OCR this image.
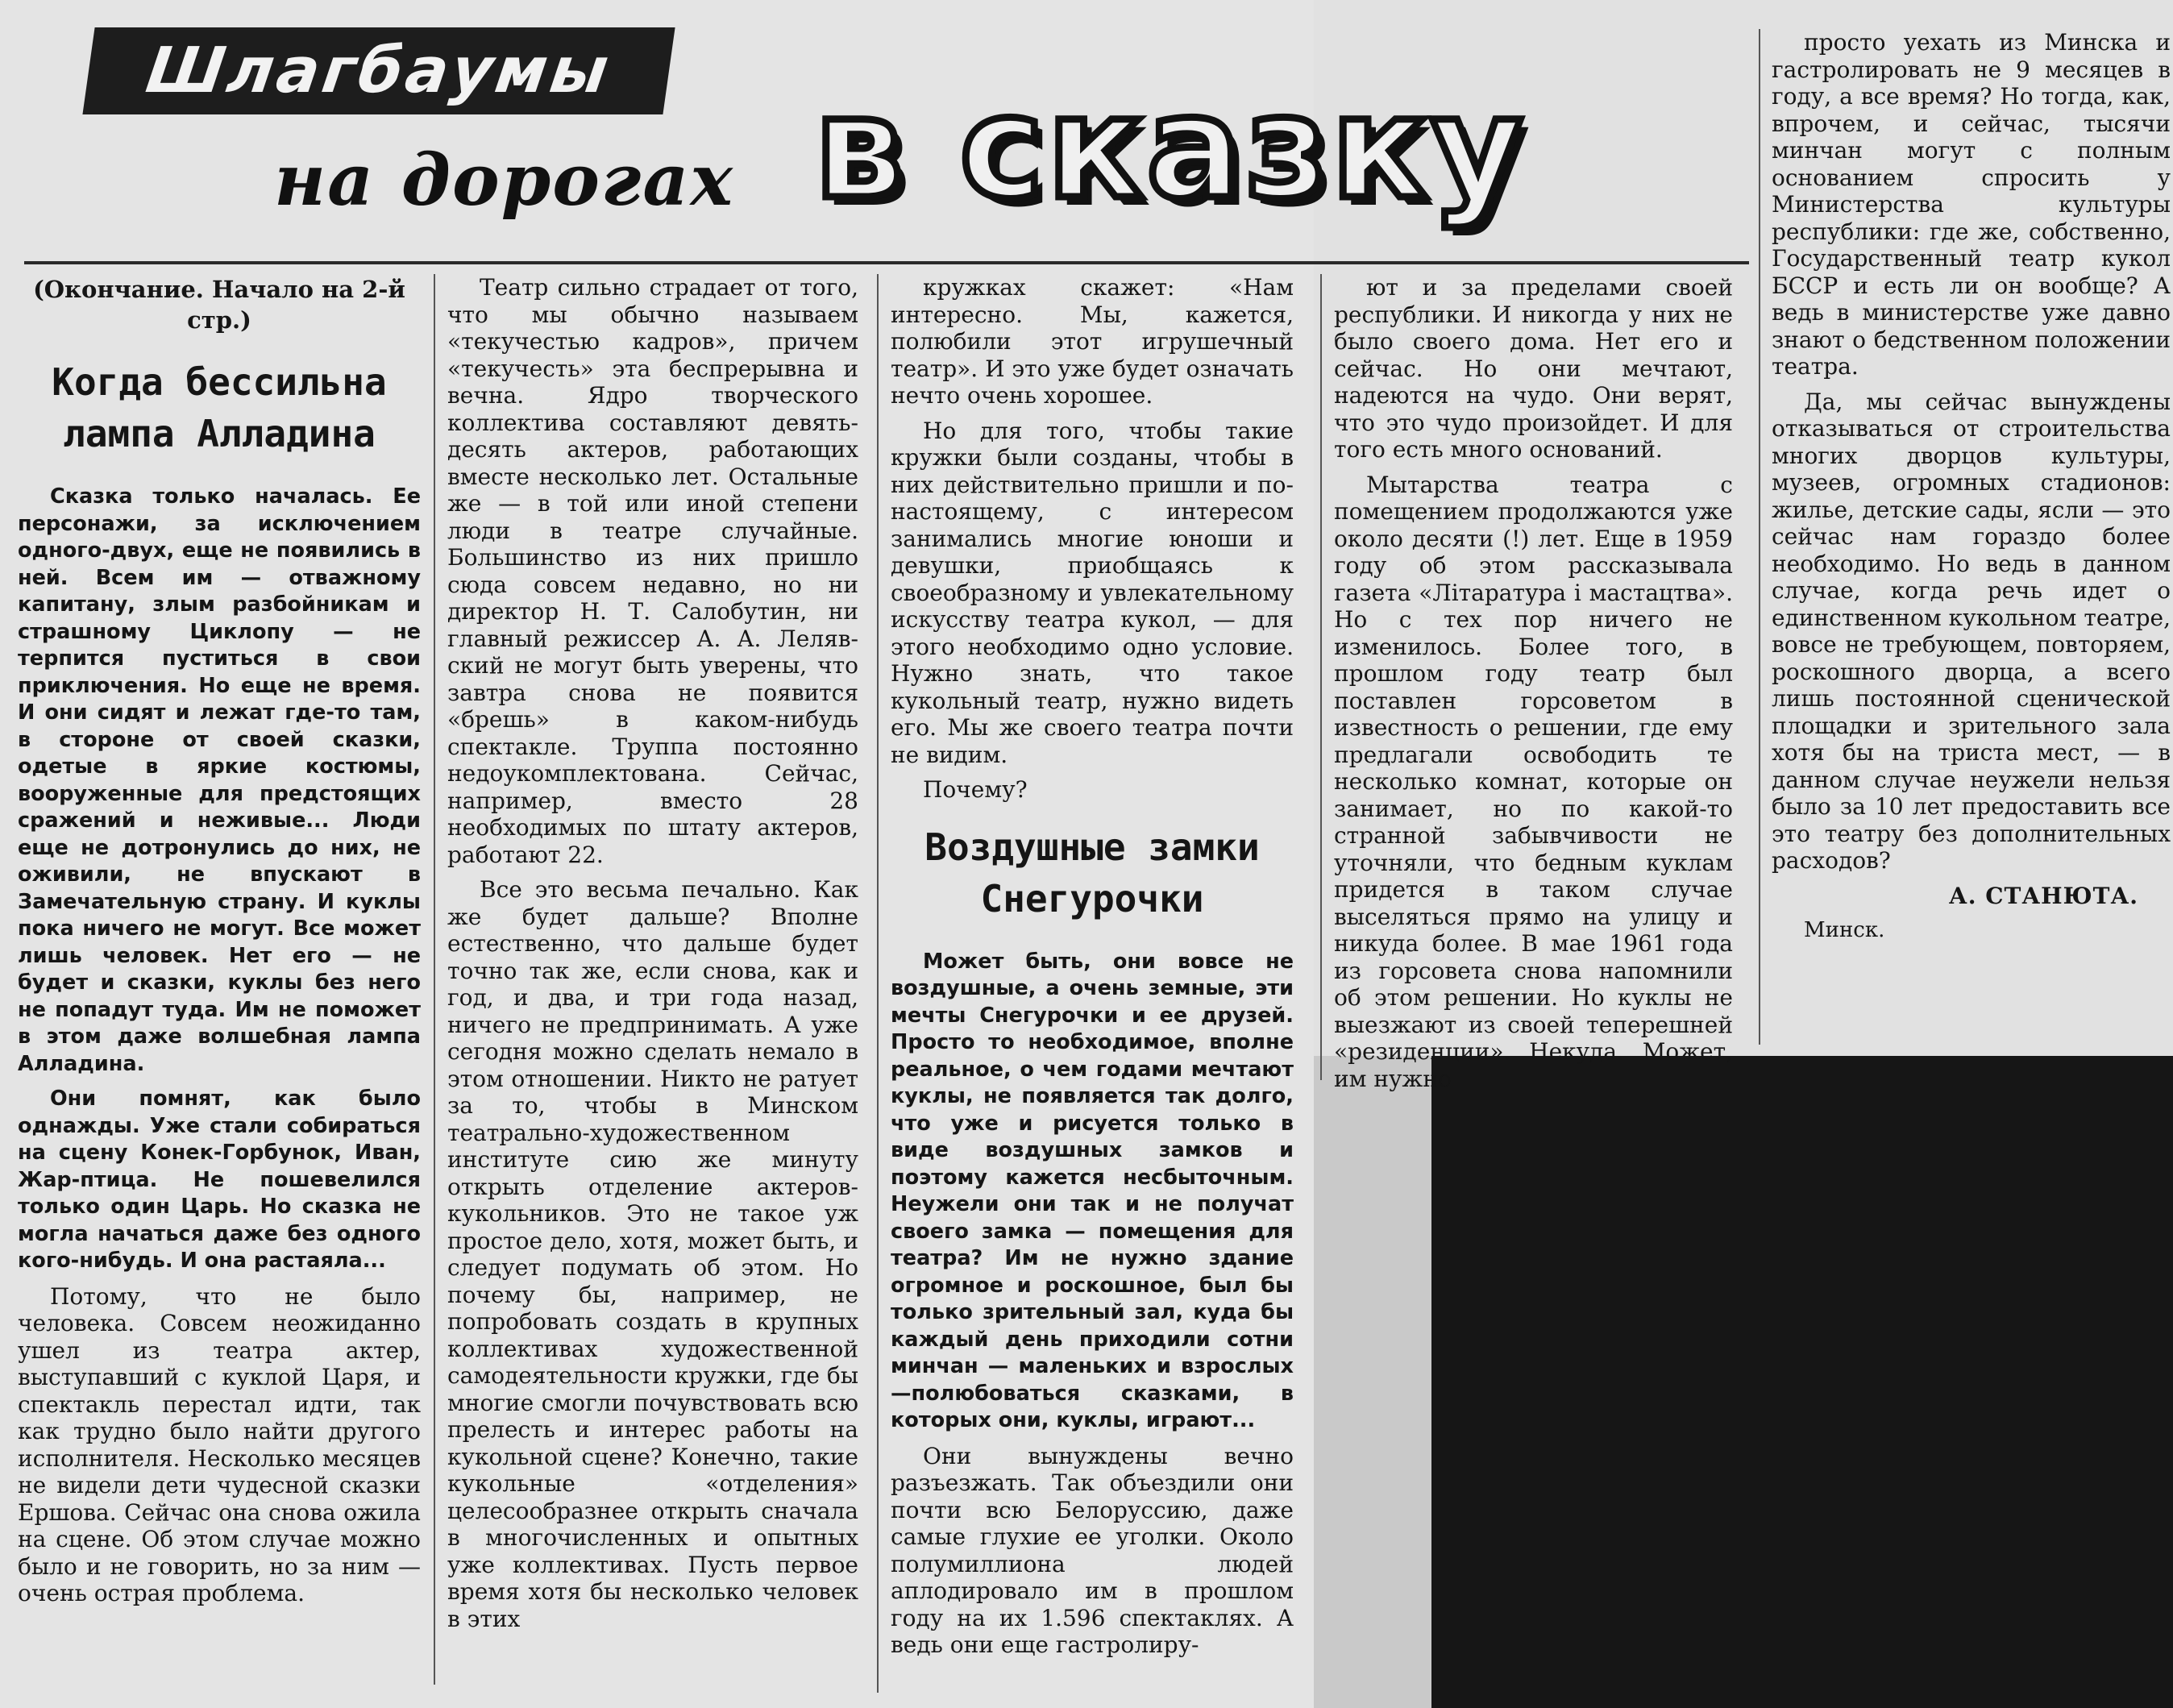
Шлагбаумы
на дорогах в сказку
(Окончание. Начало на 2-й стр.)
Когда бессильна лампа Алладина

Сказка только началась. Ее персонажи, за исключением одного-двух, еще не появились в ней. Всем им — отважному капитану, злым разбойникам и страшному Циклопу — не терпится пуститься в свои приключения. Но еще не время. И они сидят и лежат где-то там, в стороне от своей сказки, одетые в яркие костюмы, вооруженные для предстоящих сражений и неживые... Люди еще не дотронулись до них, не оживили, не впускают в Замечательную страну. И куклы пока ничего не могут. Все может лишь человек. Нет его — не будет и сказки, куклы без него не попадут туда. Им не поможет в этом даже волшебная лампа Алладина.

Они помнят, как было однажды. Уже стали собираться на сцену Конек-Горбунок, Иван, Жар-птица. Не пошевелился только один Царь. Но сказка не могла начаться даже без одного кого-нибудь. И она растаяла...

Потому, что не было человека. Совсем неожиданно ушел из театра актер, выступавший с куклой Царя, и спектакль перестал идти, так как трудно было найти другого исполнителя. Несколько месяцев не видели дети чудесной сказки Ершова. Сейчас она снова ожила на сцене. Об этом случае можно было и не говорить, но за ним — очень острая проблема.

Театр сильно страдает от того, что мы обычно называем «текучестью кадров», причем «текучесть» эта беспрерывна и вечна. Ядро творческого коллектива составляют девять-десять актеров, работающих вместе несколько лет. Остальные же — в той или иной степени люди в театре случайные. Большинство из них пришло сюда совсем недавно, но ни директор Н. Т. Салобутин, ни главный режиссер А. А. Леляв-ский не могут быть уверены, что завтра снова не появится «брешь» в каком-нибудь спектакле. Труппа постоянно недоукомплектована. Сейчас, например, вместо 28 необходимых по штату актеров, работают 22.

Все это весьма печально. Как же будет дальше? Вполне естественно, что дальше будет точно так же, если снова, как и год, и два, и три года назад, ничего не предпринимать. А уже сегодня можно сделать немало в этом отношении. Никто не ратует за то, чтобы в Минском театрально-художественном институте сию же минуту открыть отделение актеров-кукольников. Это не такое уж простое дело, хотя, может быть, и следует подумать об этом. Но почему бы, например, не попробовать создать в крупных коллективах художественной самодеятельности кружки, где бы многие смогли почувствовать всю прелесть и интерес работы на кукольной сцене? Конечно, такие кукольные «отделения» целесообразнее открыть сначала в многочисленных и опытных уже коллективах. Пусть первое время хотя бы несколько человек в этих

кружках скажет: «Нам интересно. Мы, кажется, полюбили этот игрушечный театр». И это уже будет означать нечто очень хорошее.

Но для того, чтобы такие кружки были созданы, чтобы в них действительно пришли и по-настоящему, с интересом занимались многие юноши и девушки, приобщаясь к своеобразному и увлекательному искусству театра кукол, — для этого необходимо одно условие. Нужно знать, что такое кукольный театр, нужно видеть его. Мы же своего театра почти не видим.

Почему?

Воздушные замки Снегурочки

Может быть, они вовсе не воздушные, а очень земные, эти мечты Снегурочки и ее друзей. Просто то необходимое, вполне реальное, о чем годами мечтают куклы, не появляется так долго, что уже и рисуется только в виде воздушных замков и поэтому кажется несбыточным. Неужели они так и не получат своего замка — помещения для театра? Им не нужно здание огромное и роскошное, был бы только зрительный зал, куда бы каждый день приходили сотни минчан — маленьких и взрослых —полюбоваться сказками, в которых они, куклы, играют...

Они вынуждены вечно разъезжать. Так объездили они почти всю Белоруссию, даже самые глухие ее уголки. Около полумиллиона людей аплодировало им в прошлом году на их 1.596 спектаклях. А ведь они еще гастролиру-

ют и за пределами своей республики. И никогда у них не было своего дома. Нет его и сейчас. Но они мечтают, надеются на чудо. Они верят, что это чудо произойдет. И для того есть много оснований.

Мытарства театра с помещением продолжаются уже около десяти (!) лет. Еще в 1959 году об этом рассказывала газета «Літаратура і мастацтва». Но с тех пор ничего не изменилось. Более того, в прошлом году театр был поставлен горсоветом в известность о решении, где ему предлагали освободить те несколько комнат, которые он занимает, но по какой-то странной забывчивости не уточняли, что бедным куклам придется в таком случае выселяться прямо на улицу и никуда более. В мае 1961 года из горсовета снова напомнили об этом решении. Но куклы не выезжают из своей теперешней «резиденции». Некуда. Может, им нужно

просто уехать из Минска и гастролировать не 9 месяцев в году, а все время? Но тогда, как, впрочем, и сейчас, тысячи минчан могут с полным основанием спросить у Министерства культуры республики: где же, собственно, Государственный театр кукол БССР и есть ли он вообще? А ведь в министерстве уже давно знают о бедственном положении театра.

Да, мы сейчас вынуждены отказываться от строительства многих дворцов культуры, музеев, огромных стадионов: жилье, детские сады, ясли — это сейчас нам гораздо более необходимо. Но ведь в данном случае, когда речь идет о единственном кукольном театре, вовсе не требующем, повторяем, роскошного дворца, а всего лишь постоянной сценической площадки и зрительного зала хотя бы на триста мест, — в данном случае неужели нельзя было за 10 лет предоставить все это театру без дополнительных расходов?

А. СТАНЮТА.
Минск.
